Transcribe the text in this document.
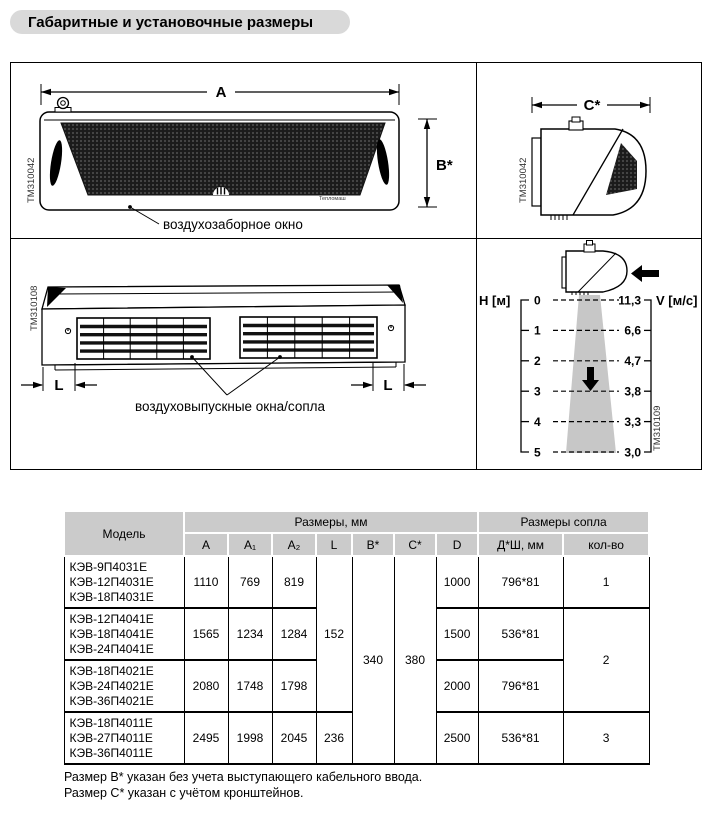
Габаритные и установочные размеры
A
Тепломаш
B*
воздухозаборное окно
TM310042
C*
TM310042
L	L
воздуховыпускные окна/сопла
TM310108	H [м] 0
1
2
3
4
5
11,3
6,6
4,7
3,8
3,3
3,0
V [м/с]
TM310109
Модель	Размеры, мм							Размеры сопла	
	A	A₁	A₂	L	B*	C*	D	Д*Ш, мм	кол-во

КЭВ-9П4031Е
КЭВ-12П4031Е
КЭВ-18П4031Е	1110	769	819	152	340	380	1000	796*81	1

КЭВ-12П4041Е
КЭВ-18П4041Е
КЭВ-24П4041Е	1565	1234	1284				1500	536*81	2

КЭВ-18П4021Е
КЭВ-24П4021Е
КЭВ-36П4021Е	2080	1748	1798				2000	796*81	

КЭВ-18П4011Е
КЭВ-27П4011Е
КЭВ-36П4011Е	2495	1998	2045	236			2500	536*81	3
Размер B* указан без учета выступающего кабельного ввода.
Размер C* указан с учётом кронштейнов.
